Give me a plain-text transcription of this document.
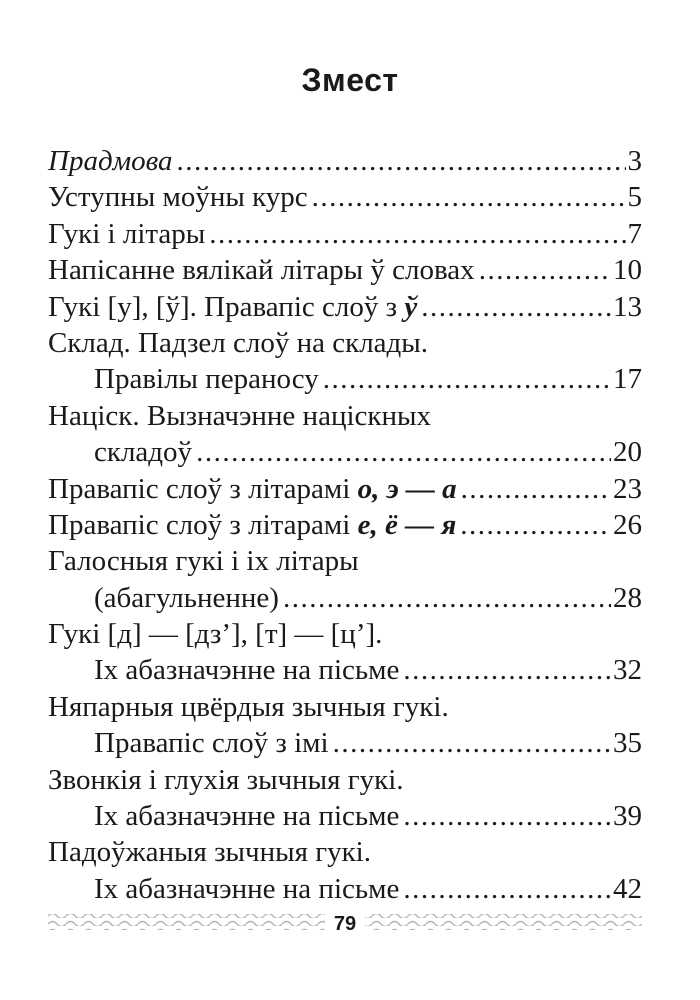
Змест
Прадмова .....	3
Уступны моўны курс .....	5
Гукі і літары .....	7
Напісанне вялікай літары ў словах .....	10
Гукі [у], [ў]. Правапіс слоў з ў .....	13
Склад. Падзел слоў на склады.
Правілы пераносу .....	17
Націск. Вызначэнне націскных
складоў .....	20
Правапіс слоў з літарамі о, э — а .....	23
Правапіс слоў з літарамі е, ё — я .....	26
Галосныя гукі і іх літары
(абагульненне) .....	28
Гукі [д] — [дз’], [т] — [ц’].
Іх абазначэнне на пісьме .....	32
Няпарныя цвёрдыя зычныя гукі.
Правапіс слоў з імі .....	35
Звонкія і глухія зычныя гукі.
Іх абазначэнне на пісьме .....	39
Падоўжаныя зычныя гукі.
Іх абазначэнне на пісьме .....	42
79
